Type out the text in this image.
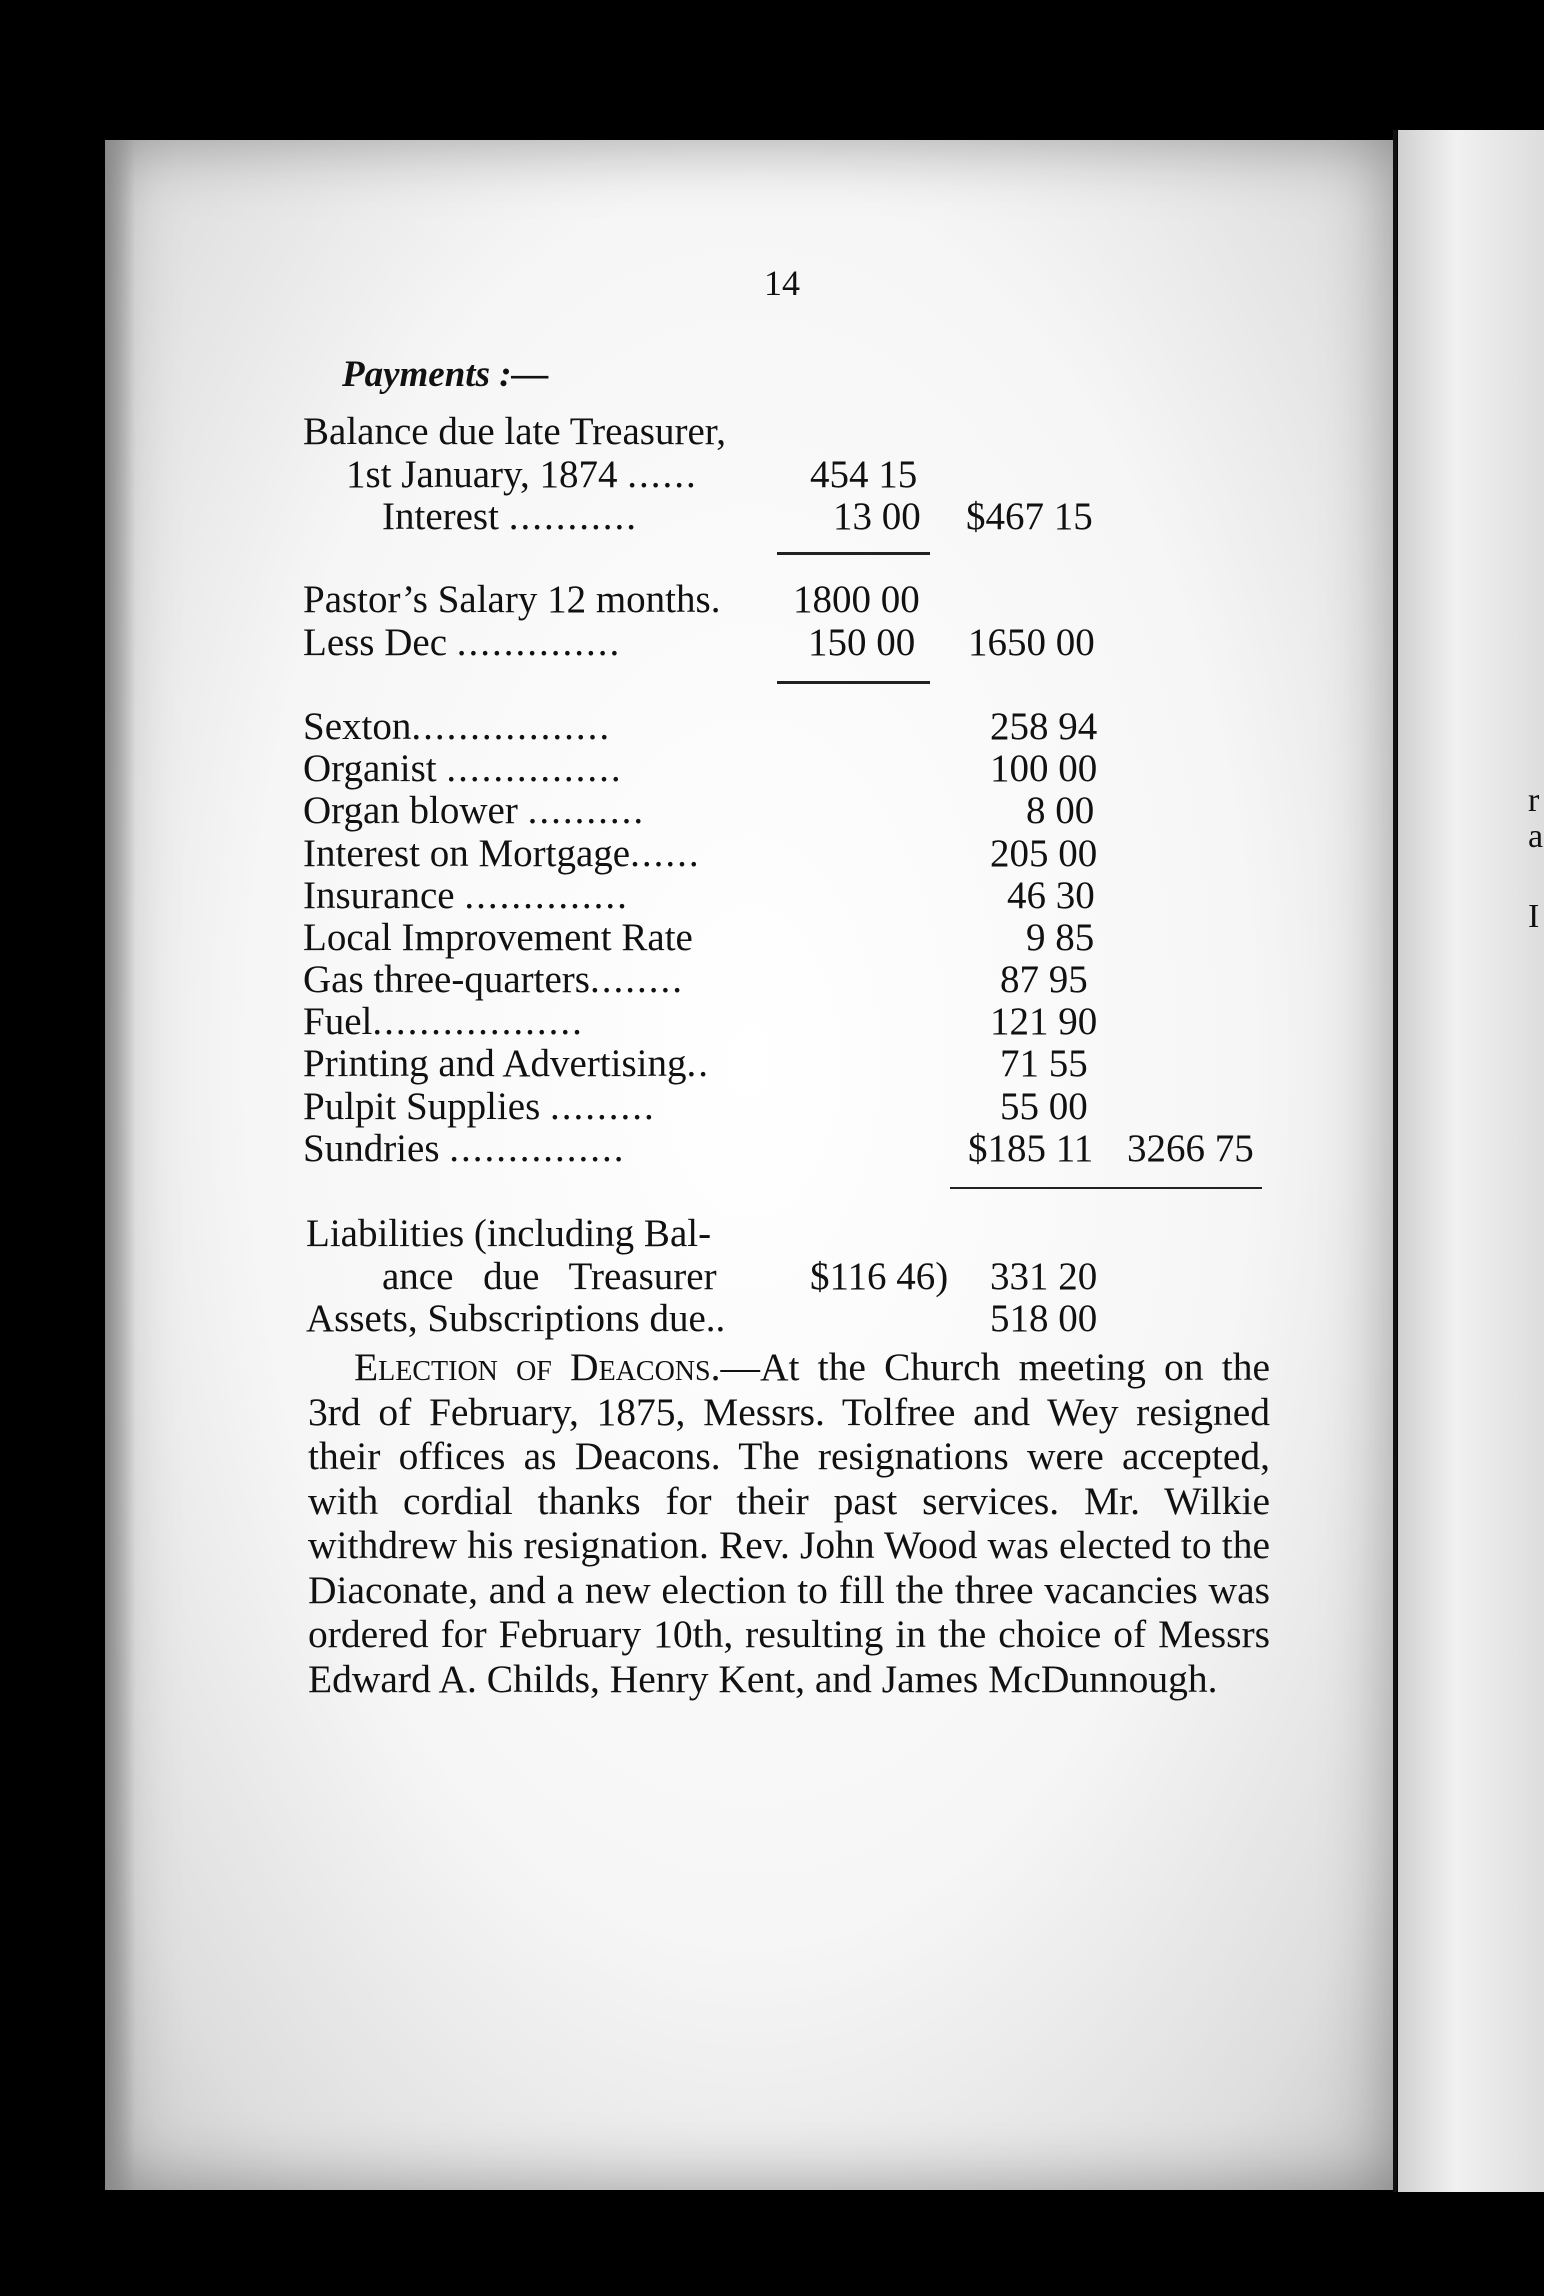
r
a
I
14
Payments :—
Balance due late Treasurer,
1st January, 1874 ......	454 15
Interest ...........	13 00 $467 15
Pastor’s Salary 12 months. 1800 00
Less Dec ..............	150 00 1650 00
Sexton.................	258 94
Organist ...............	100 00
Organ blower ..........	8 00
Interest on Mortgage......	205 00
Insurance ..............	46 30
Local Improvement Rate	9 85
Gas three-quarters........	87 95
Fuel..................	121 90
Printing and Advertising..	71 55
Pulpit Supplies .........	55 00
Sundries ...............	$185 11 3266 75
Liabilities (including Bal-
ance due Treasurer $116 46) 331 20
Assets, Subscriptions due..	518 00

Election of Deacons.—At the Church meeting on the 3rd of February, 1875, Messrs. Tolfree and Wey resigned their offices as Deacons. The resignations were accepted, with cordial thanks for their past services. Mr. Wilkie withdrew his resignation. Rev. John Wood was elected to the Diaconate, and a new election to fill the three vacancies was ordered for February 10th, resulting in the choice of Messrs Edward A. Childs, Henry Kent, and James McDunnough.
